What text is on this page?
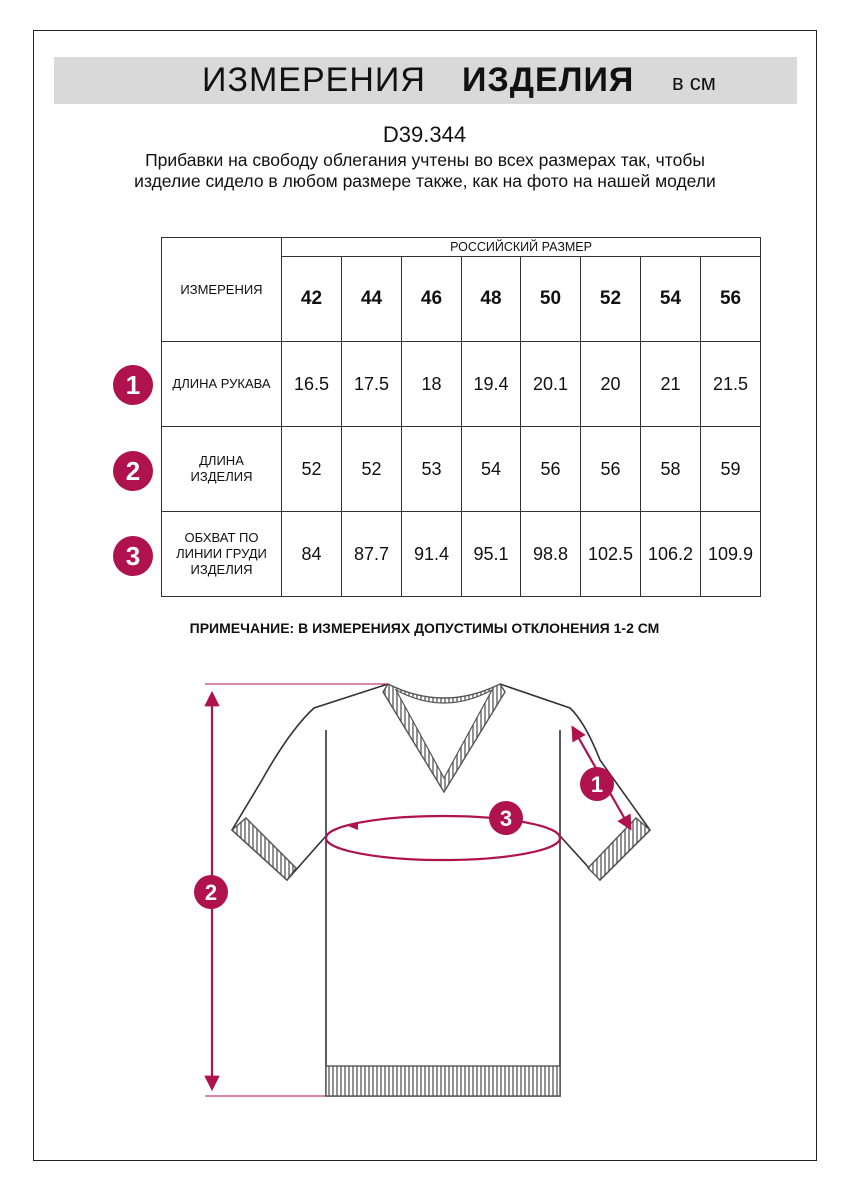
ИЗМЕРЕНИЯ ИЗДЕЛИЯ в см
D39.344
Прибавки на свободу облегания учтены во всех размерах так, чтобы изделие сидело в любом размере также, как на фото на нашей модели
ИЗМЕРЕНИЯ	РОССИЙСКИЙ РАЗМЕР							
	42	44	46	48	50	52	54	56
ДЛИНА РУКАВА	16.5	17.5	18	19.4	20.1	20	21	21.5
ДЛИНА
ИЗДЕЛИЯ	52	52	53	54	56	56	58	59
ОБХВАТ ПО
ЛИНИИ ГРУДИ
ИЗДЕЛИЯ	84	87.7	91.4	95.1	98.8	102.5	106.2	109.9
1
2
3
ПРИМЕЧАНИЕ: В ИЗМЕРЕНИЯХ ДОПУСТИМЫ ОТКЛОНЕНИЯ 1-2 СМ
1
3
2
